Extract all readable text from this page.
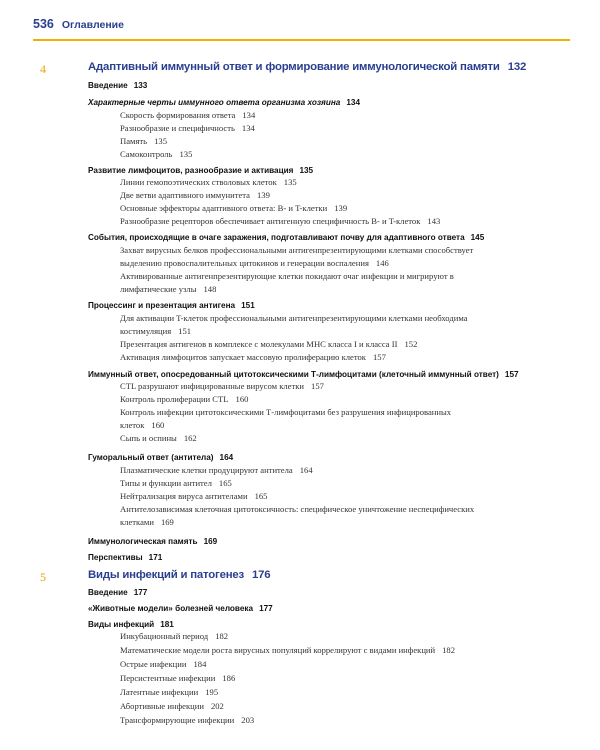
536 Оглавление
4	Адаптивный иммунный ответ и формирование иммунологической памяти 132
Введение 133
Характерные черты иммунного ответа организма хозяина 134
Скорость формирования ответа 134
Разнообразие и специфичность 134
Память 135
Самоконтроль 135
Развитие лимфоцитов, разнообразие и активация 135
Линии гемопоэтических стволовых клеток 135
Две ветви адаптивного иммунитета 139
Основные эффекторы адаптивного ответа: B- и T-клетки 139
Разнообразие рецепторов обеспечивает антигенную специфичность B- и T-клеток 143
События, происходящие в очаге заражения, подготавливают почву для адаптивного ответа 145
Захват вирусных белков профессиональными антигенпрезентирующими клетками способствует
выделению провоспалительных цитокинов и генерации воспаления 146
Активированные антигенпрезентирующие клетки покидают очаг инфекции и мигрируют в
лимфатические узлы 148
Процессинг и презентация антигена 151
Для активации T-клеток профессиональными антигенпрезентирующими клетками необходима
костимуляция 151
Презентация антигенов в комплексе с молекулами МНС класса I и класса II 152
Активация лимфоцитов запускает массовую пролиферацию клеток 157
Иммунный ответ, опосредованный цитотоксическими Т-лимфоцитами (клеточный иммунный ответ) 157
CTL разрушают инфицированные вирусом клетки 157
Контроль пролиферации CTL 160
Контроль инфекции цитотоксическими Т-лимфоцитами без разрушения инфицированных
клеток 160
Сыпь и оспины 162
Гуморальный ответ (антитела) 164
Плазматические клетки продуцируют антитела 164
Типы и функции антител 165
Нейтрализация вируса антителами 165
Антителозависимая клеточная цитотоксичность: специфическое уничтожение неспецифических
клетками 169
Иммунологическая память 169
Перспективы 171
5	Виды инфекций и патогенез 176
Введение 177
«Животные модели» болезней человека 177
Виды инфекций 181
Инкубационный период 182
Математические модели роста вирусных популяций коррелируют с видами инфекций 182
Острые инфекции 184
Персистентные инфекции 186
Латентные инфекции 195
Абортивные инфекции 202
Трансформирующие инфекции 203
